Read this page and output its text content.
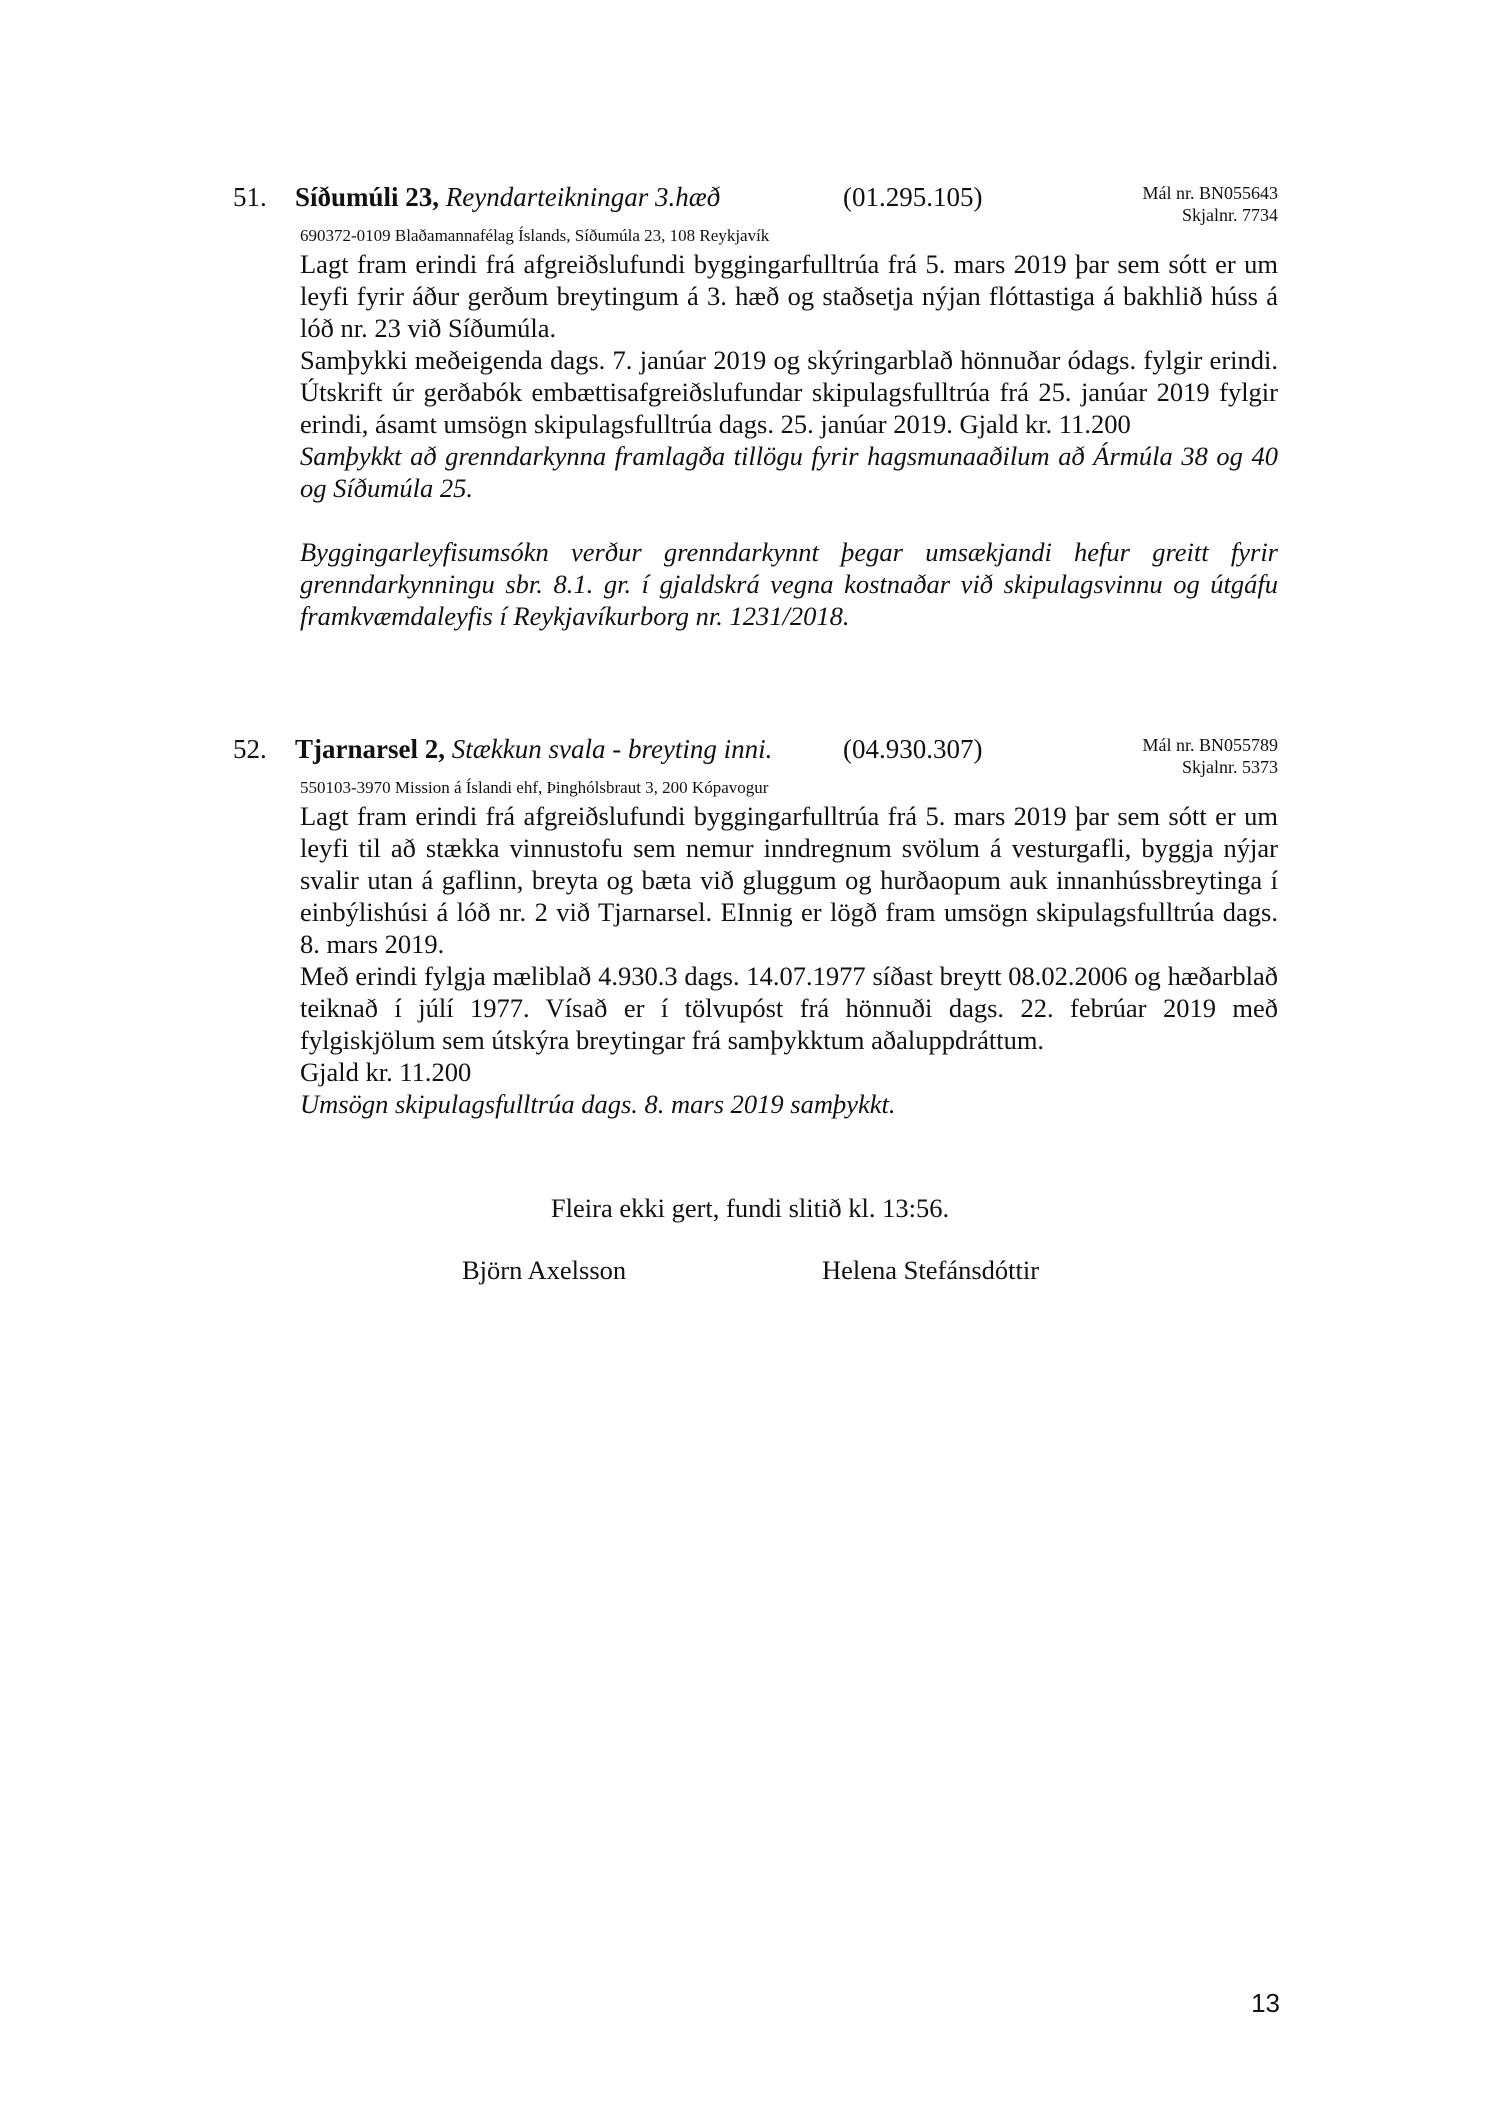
51. Síðumúli 23, Reyndarteikningar 3.hæð	(01.295.105)	Mál nr. BN055643
Skjalnr. 7734
690372-0109 Blaðamannafélag Íslands, Síðumúla 23, 108 Reykjavík

Lagt fram erindi frá afgreiðslufundi byggingarfulltrúa frá 5. mars 2019 þar sem sótt er um leyfi fyrir áður gerðum breytingum á 3. hæð og staðsetja nýjan flóttastiga á bakhlið húss á lóð nr. 23 við Síðumúla.

Samþykki meðeigenda dags. 7. janúar 2019 og skýringarblað hönnuðar ódags. fylgir erindi. Útskrift úr gerðabók embættisafgreiðslufundar skipulagsfulltrúa frá 25. janúar 2019 fylgir erindi, ásamt umsögn skipulagsfulltrúa dags. 25. janúar 2019. Gjald kr. 11.200

Samþykkt að grenndarkynna framlagða tillögu fyrir hagsmunaaðilum að Ármúla 38 og 40 og Síðumúla 25.

Byggingarleyfisumsókn verður grenndarkynnt þegar umsækjandi hefur greitt fyrir grenndarkynningu sbr. 8.1. gr. í gjaldskrá vegna kostnaðar við skipulagsvinnu og útgáfu framkvæmdaleyfis í Reykjavíkurborg nr. 1231/2018.

52. Tjarnarsel 2, Stækkun svala - breyting inni.	(04.930.307)	Mál nr. BN055789
Skjalnr. 5373
550103-3970 Mission á Íslandi ehf, Þinghólsbraut 3, 200 Kópavogur

Lagt fram erindi frá afgreiðslufundi byggingarfulltrúa frá 5. mars 2019 þar sem sótt er um leyfi til að stækka vinnustofu sem nemur inndregnum svölum á vesturgafli, byggja nýjar svalir utan á gaflinn, breyta og bæta við gluggum og hurðaopum auk innanhússbreytinga í einbýlishúsi á lóð nr. 2 við Tjarnarsel. EInnig er lögð fram umsögn skipulagsfulltrúa dags. 8. mars 2019.

Með erindi fylgja mæliblað 4.930.3 dags. 14.07.1977 síðast breytt 08.02.2006 og hæðarblað teiknað í júlí 1977. Vísað er í tölvupóst frá hönnuði dags. 22. febrúar 2019 með fylgiskjölum sem útskýra breytingar frá samþykktum aðaluppdráttum.

Gjald kr. 11.200

Umsögn skipulagsfulltrúa dags. 8. mars 2019 samþykkt.

Fleira ekki gert, fundi slitið kl. 13:56.
Björn Axelsson	Helena Stefánsdóttir
13
